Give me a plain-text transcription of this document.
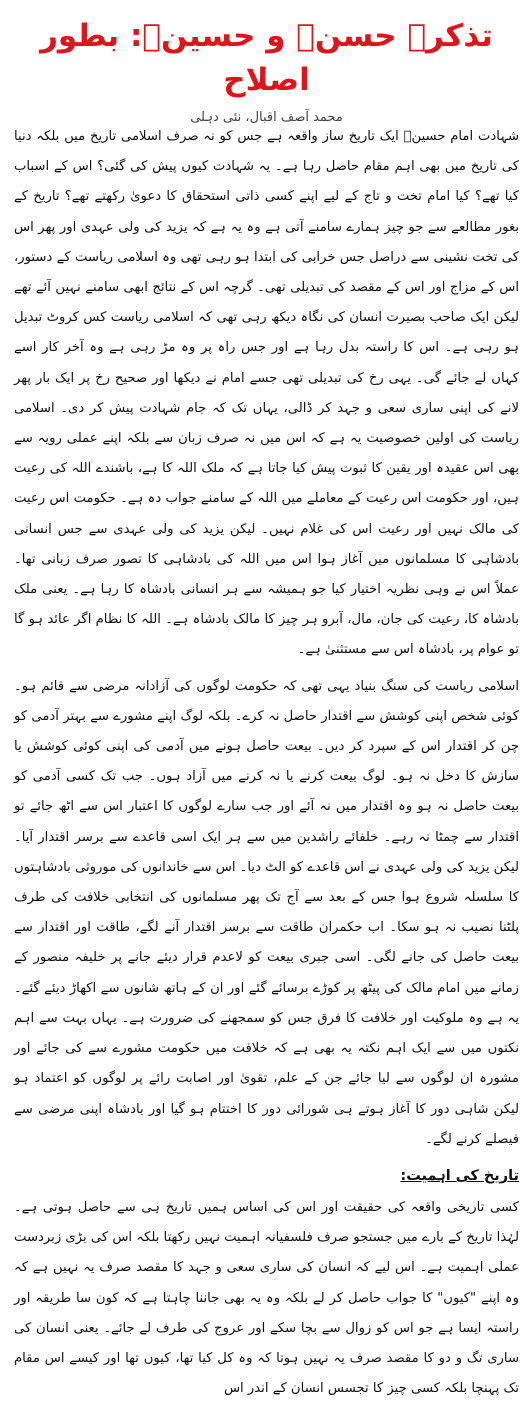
تذکرہ حسنؓ و حسینؓ: بطور اصلاح
محمد آصف اقبال، نئی دہلی

شہادت امام حسینؓ ایک تاریخ ساز واقعہ ہے جس کو نہ صرف اسلامی تاریخ میں بلکہ دنیا کی تاریخ میں بھی اہم مقام حاصل رہا ہے۔ یہ شہادت کیوں پیش کی گئی؟ اس کے اسباب کیا تھے؟ کیا امام تخت و تاج کے لیے اپنے کسی ذاتی استحقاق کا دعویٰ رکھتے تھے؟ تاریخ کے بغور مطالعے سے جو چیز ہمارے سامنے آتی ہے وہ یہ ہے کہ یزید کی ولی عہدی اور پھر اس کی تخت نشینی سے دراصل جس خرابی کی ابتدا ہو رہی تھی وہ اسلامی ریاست کے دستور، اس کے مزاج اور اس کے مقصد کی تبدیلی تھی۔ گرچہ اس کے نتائج ابھی سامنے نہیں آئے تھے لیکن ایک صاحب بصیرت انسان کی نگاہ دیکھ رہی تھی کہ اسلامی ریاست کس کروٹ تبدیل ہو رہی ہے۔ اس کا راستہ بدل رہا ہے اور جس راہ پر وہ مڑ رہی ہے وہ آخر کار اسے کہاں لے جائے گی۔ یہی رخ کی تبدیلی تھی جسے امام نے دیکھا اور صحیح رخ پر ایک بار پھر لانے کی اپنی ساری سعی و جہد کر ڈالی، یہاں تک کہ جام شہادت پیش کر دی۔ اسلامی ریاست کی اولین خصوصیت یہ ہے کہ اس میں نہ صرف زبان سے بلکہ اپنے عملی رویہ سے بھی اس عقیدہ اور یقین کا ثبوت پیش کیا جاتا ہے کہ ملک اللہ کا ہے، باشندے اللہ کی رعیت ہیں، اور حکومت اس رعیت کے معاملے میں اللہ کے سامنے جواب دہ ہے۔ حکومت اس رعیت کی مالک نہیں اور رعیت اس کی غلام نہیں۔ لیکن یزید کی ولی عہدی سے جس انسانی بادشاہی کا مسلمانوں میں آغاز ہوا اس میں اللہ کی بادشاہی کا تصور صرف زبانی تھا۔ عملاً اس نے وہی نظریہ اختیار کیا جو ہمیشہ سے ہر انسانی بادشاہ کا رہا ہے۔ یعنی ملک بادشاہ کا، رعیت کی جان، مال، آبرو ہر چیز کا مالک بادشاہ ہے۔ اللہ کا نظام اگر عائد ہو گا تو عوام پر، بادشاہ اس سے مستثنیٰ ہے۔

اسلامی ریاست کی سنگ بنیاد یہی تھی کہ حکومت لوگوں کی آزادانہ مرضی سے قائم ہو۔ کوئی شخص اپنی کوشش سے اقتدار حاصل نہ کرے۔ بلکہ لوگ اپنے مشورے سے بہتر آدمی کو چن کر اقتدار اس کے سپرد کر دیں۔ بیعت حاصل ہونے میں آدمی کی اپنی کوئی کوشش یا سازش کا دخل نہ ہو۔ لوگ بیعت کرنے یا نہ کرنے میں آزاد ہوں۔ جب تک کسی آدمی کو بیعت حاصل نہ ہو وہ اقتدار میں نہ آئے اور جب سارے لوگوں کا اعتبار اس سے اٹھ جائے تو اقتدار سے چمٹا نہ رہے۔ خلفائے راشدین میں سے ہر ایک اسی قاعدے سے برسر اقتدار آیا۔ لیکن یزید کی ولی عہدی نے اس قاعدے کو الٹ دیا۔ اس سے خاندانوں کی موروثی بادشاہتوں کا سلسلہ شروع ہوا جس کے بعد سے آج تک پھر مسلمانوں کی انتخابی خلافت کی طرف پلٹنا نصیب نہ ہو سکا۔ اب حکمران طاقت سے برسر اقتدار آنے لگے، طاقت اور اقتدار سے بیعت حاصل کی جانے لگی۔ اسی جبری بیعت کو لاعدم قرار دیئے جانے پر خلیفہ منصور کے زمانے میں امام مالک کی پیٹھ پر کوڑے برسائے گئے اور ان کے ہاتھ شانوں سے اکھاڑ دیئے گئے۔ یہ ہے وہ ملوکیت اور خلافت کا فرق جس کو سمجھنے کی ضرورت ہے۔ یہاں بہت سے اہم نکتوں میں سے ایک اہم نکتہ یہ بھی ہے کہ خلافت میں حکومت مشورے سے کی جائے اور مشورہ ان لوگوں سے لیا جائے جن کے علم، تقویٰ اور اصابت رائے پر لوگوں کو اعتماد ہو لیکن شاہی دور کا آغاز ہوتے ہی شورائی دور کا اختتام ہو گیا اور بادشاہ اپنی مرضی سے فیصلے کرنے لگے۔

تاریخ کی اہمیت:

کسی تاریخی واقعہ کی حقیقت اور اس کی اساس ہمیں تاریخ ہی سے حاصل ہوتی ہے۔ لہٰذا تاریخ کے بارے میں جستجو صرف فلسفیانہ اہمیت نہیں رکھتا بلکہ اس کی بڑی زبردست عملی اہمیت ہے۔ اس لیے کہ انسان کی ساری سعی و جہد کا مقصد صرف یہ نہیں ہے کہ وہ اپنے "کیوں" کا جواب حاصل کر لے بلکہ وہ یہ بھی جاننا چاہتا ہے کہ کون سا طریقہ اور راستہ ایسا ہے جو اس کو زوال سے بچا سکے اور عروج کی طرف لے جائے۔ یعنی انسان کی ساری تگ و دو کا مقصد صرف یہ نہیں ہوتا کہ وہ کل کیا تھا، کیوں تھا اور کیسے اس مقام تک پہنچا بلکہ کسی چیز کا تجسس انسان کے اندر اس
